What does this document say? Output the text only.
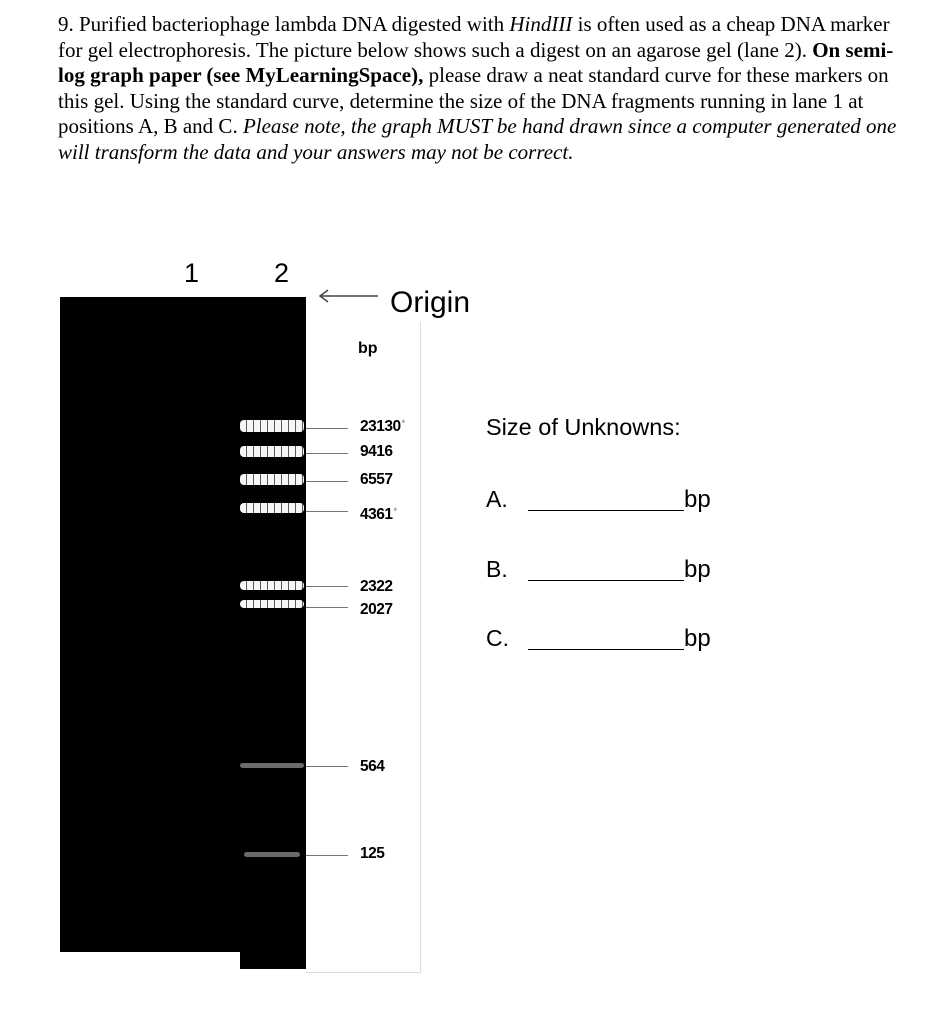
9. Purified bacteriophage lambda DNA digested with HindIII is often used as a cheap DNA marker for gel electrophoresis. The picture below shows such a digest on an agarose gel (lane 2). On semi-log graph paper (see MyLearningSpace), please draw a neat standard curve for these markers on this gel. Using the standard curve, determine the size of the DNA fragments running in lane 1 at positions A, B and C. Please note, the graph MUST be hand drawn since a computer generated one will transform the data and your answers may not be correct.
1	2
Origin
bp
23130*
9416
6557
4361*
2322
2027
564
125
A
B
C
Size of Unknowns:
A.	bp
B.	bp
C.	bp
